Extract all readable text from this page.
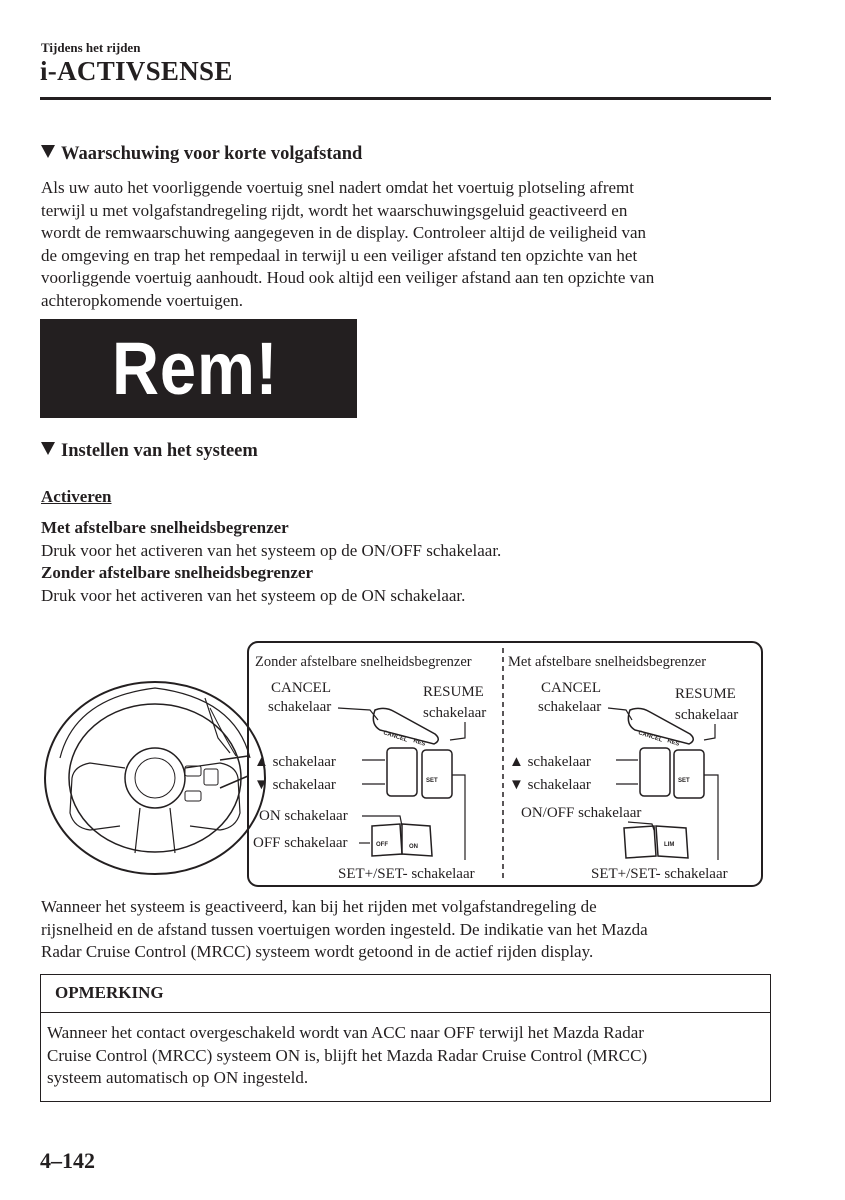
Tijdens het rijden
i-ACTIVSENSE
Waarschuwing voor korte volgafstand
Als uw auto het voorliggende voertuig snel nadert omdat het voertuig plotseling afremt
terwijl u met volgafstandregeling rijdt, wordt het waarschuwingsgeluid geactiveerd en
wordt de remwaarschuwing aangegeven in de display. Controleer altijd de veiligheid van
de omgeving en trap het rempedaal in terwijl u een veiliger afstand ten opzichte van het
voorliggende voertuig aanhoudt. Houd ook altijd een veiliger afstand aan ten opzichte van
achteropkomende voertuigen.
Rem!
Instellen van het systeem
Activeren
Met afstelbare snelheidsbegrenzer
Druk voor het activeren van het systeem op de ON/OFF schakelaar.
Zonder afstelbare snelheidsbegrenzer
Druk voor het activeren van het systeem op de ON schakelaar.
Zonder afstelbare snelheidsbegrenzer
CANCEL
schakelaar
RESUME
schakelaar
▲ schakelaar
▼ schakelaar
ON schakelaar
OFF schakelaar
SET+/SET- schakelaar
CANCEL RES
SET
OFF	ON
Met afstelbare snelheidsbegrenzer
CANCEL
schakelaar
RESUME
schakelaar
▲ schakelaar
▼ schakelaar
ON/OFF schakelaar
SET+/SET- schakelaar
CANCEL RES
SET
LIM
Wanneer het systeem is geactiveerd, kan bij het rijden met volgafstandregeling de
rijsnelheid en de afstand tussen voertuigen worden ingesteld. De indikatie van het Mazda
Radar Cruise Control (MRCC) systeem wordt getoond in de actief rijden display.
OPMERKING
Wanneer het contact overgeschakeld wordt van ACC naar OFF terwijl het Mazda Radar
Cruise Control (MRCC) systeem ON is, blijft het Mazda Radar Cruise Control (MRCC)
systeem automatisch op ON ingesteld.
4–142
